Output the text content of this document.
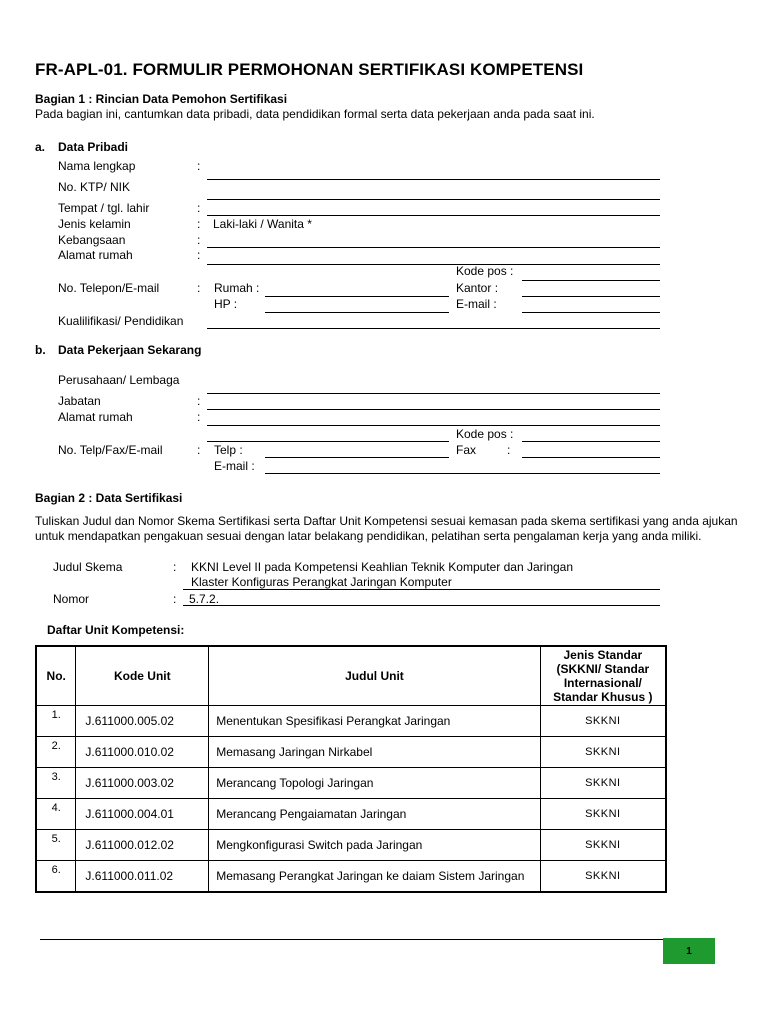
FR-APL-01. FORMULIR PERMOHONAN SERTIFIKASI KOMPETENSI
Bagian 1 : Rincian Data Pemohon Sertifikasi
Pada bagian ini, cantumkan data pribadi, data pendidikan formal serta data pekerjaan anda pada saat ini.
a. Data Pribadi
Nama lengkap	:
No. KTP/ NIK
Tempat / tgl. lahir	:
Jenis kelamin	: Laki-laki / Wanita *
Kebangsaan	:
Alamat rumah	:
Kode pos :
No. Telepon/E-mail	: Rumah :	Kantor :
HP :	E-mail :
Kualilifikasi/ Pendidikan
b. Data Pekerjaan Sekarang
Perusahaan/ Lembaga
Jabatan	:
Alamat rumah	:
Kode pos :
No. Telp/Fax/E-mail	: Telp :	Fax	:
E-mail :
Bagian 2 : Data Sertifikasi
Tuliskan Judul dan Nomor Skema Sertifikasi serta Daftar Unit Kompetensi sesuai kemasan pada skema sertifikasi yang anda ajukan
untuk mendapatkan pengakuan sesuai dengan latar belakang pendidikan, pelatihan serta pengalaman kerja yang anda miliki.
Judul Skema	: KKNI Level II pada Kompetensi Keahlian Teknik Komputer dan Jaringan
Klaster Konfiguras Perangkat Jaringan Komputer
Nomor	: 5.7.2.
Daftar Unit Kompetensi:
No.	Kode Unit	Judul Unit	Jenis Standar
(SKKNI/ Standar
Internasional/
Standar Khusus )

1.	J.611000.005.02	Menentukan Spesifikasi Perangkat Jaringan	SKKNI
2.	J.611000.010.02	Memasang Jaringan Nirkabel	SKKNI
3.	J.611000.003.02	Merancang Topologi Jaringan	SKKNI
4.	J.611000.004.01	Merancang Pengaiamatan Jaringan	SKKNI
5.	J.611000.012.02	Mengkonfigurasi Switch pada Jaringan	SKKNI
6.	J.611000.011.02	Memasang Perangkat Jaringan ke daiam Sistem Jaringan	SKKNI
1
